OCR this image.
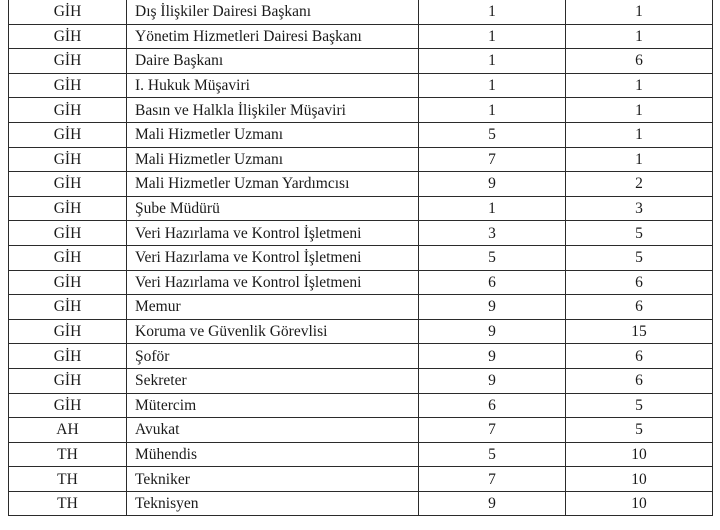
GİH	Dış İlişkiler Dairesi Başkanı	1	1
GİH	Yönetim Hizmetleri Dairesi Başkanı	1	1
GİH	Daire Başkanı	1	6
GİH	I. Hukuk Müşaviri	1	1
GİH	Basın ve Halkla İlişkiler Müşaviri	1	1
GİH	Mali Hizmetler Uzmanı	5	1
GİH	Mali Hizmetler Uzmanı	7	1
GİH	Mali Hizmetler Uzman Yardımcısı	9	2
GİH	Şube Müdürü	1	3
GİH	Veri Hazırlama ve Kontrol İşletmeni	3	5
GİH	Veri Hazırlama ve Kontrol İşletmeni	5	5
GİH	Veri Hazırlama ve Kontrol İşletmeni	6	6
GİH	Memur	9	6
GİH	Koruma ve Güvenlik Görevlisi	9	15
GİH	Şoför	9	6
GİH	Sekreter	9	6
GİH	Mütercim	6	5
AH	Avukat	7	5
TH	Mühendis	5	10
TH	Tekniker	7	10
TH	Teknisyen	9	10
